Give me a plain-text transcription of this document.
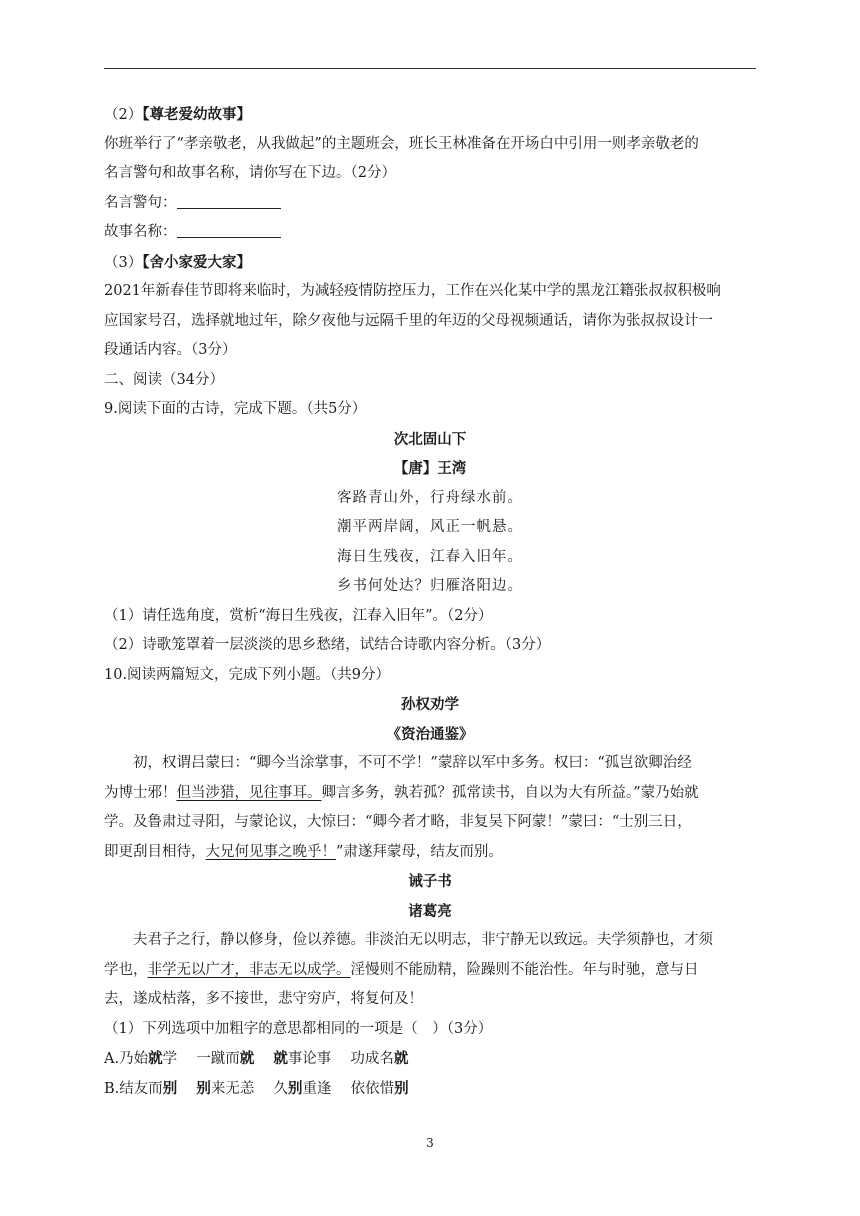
（2）【尊老爱幼故事】
你班举行了“孝亲敬老，从我做起”的主题班会，班长王林准备在开场白中引用一则孝亲敬老的
名言警句和故事名称，请你写在下边。（2分）
名言警句：
故事名称：
（3）【舍小家爱大家】
2021年新春佳节即将来临时，为减轻疫情防控压力，工作在兴化某中学的黑龙江籍张叔叔积极响
应国家号召，选择就地过年，除夕夜他与远隔千里的年迈的父母视频通话，请你为张叔叔设计一
段通话内容。（3分）
二、阅读（34分）
9.阅读下面的古诗，完成下题。（共5分）
次北固山下
【唐】王湾
客路青山外，行舟绿水前。
潮平两岸阔，风正一帆悬。
海日生残夜，江春入旧年。
乡书何处达？归雁洛阳边。
（1）请任选角度，赏析“海日生残夜，江春入旧年”。（2分）
（2）诗歌笼罩着一层淡淡的思乡愁绪，试结合诗歌内容分析。（3分）
10.阅读两篇短文，完成下列小题。（共9分）
孙权劝学
《资治通鉴》
初，权谓吕蒙曰：“卿今当涂掌事，不可不学！”蒙辞以军中多务。权曰：“孤岂欲卿治经
为博士邪！但当涉猎，见往事耳。卿言多务，孰若孤？孤常读书，自以为大有所益。”蒙乃始就
学。及鲁肃过寻阳，与蒙论议，大惊曰：“卿今者才略，非复吴下阿蒙！”蒙曰：“士别三日，
即更刮目相待，大兄何见事之晚乎！”肃遂拜蒙母，结友而别。
诫子书
诸葛亮
夫君子之行，静以修身，俭以养德。非淡泊无以明志，非宁静无以致远。夫学须静也，才须
学也，非学无以广才，非志无以成学。淫慢则不能励精，险躁则不能治性。年与时驰，意与日
去，遂成枯落，多不接世，悲守穷庐，将复何及！
（1）下列选项中加粗字的意思都相同的一项是（　）（3分）
A.乃始就学　 一蹴而就　 就事论事　 功成名就
B.结友而别　 别来无恙　 久别重逢　 依依惜别
3
